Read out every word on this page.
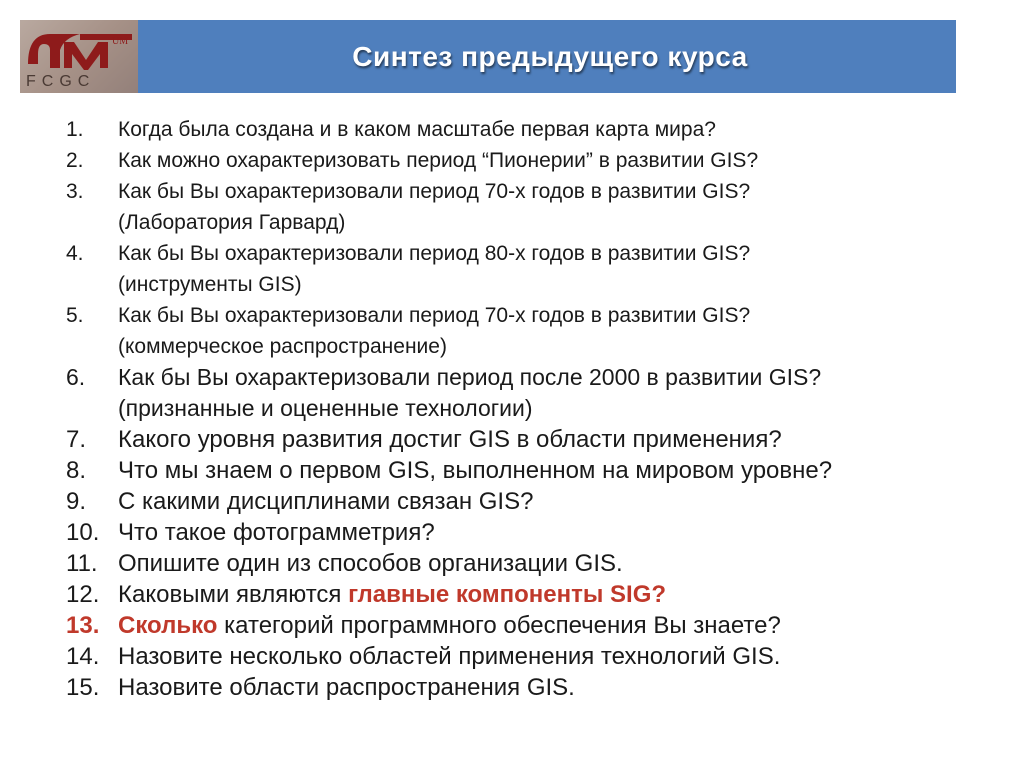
UM
FCGC
Синтез предыдущего курса
1.	Когда была создана и в каком масштабе первая карта мира?
2.	Как можно охарактеризовать период “Пионерии” в развитии GIS?
3.	Как бы Вы охарактеризовали период 70-х годов в развитии GIS?
(Лаборатория Гарвард)
4.	Как бы Вы охарактеризовали период 80-х годов в развитии GIS?
(инструменты GIS)
5.	Как бы Вы охарактеризовали период 70-х годов в развитии GIS?
(коммерческое распространение)
6.	Как бы Вы охарактеризовали период после 2000 в развитии GIS?
(признанные и оцененные технологии)
7.	Какого уровня развития достиг GIS в области применения?
8.	Что мы знаем о первом GIS, выполненном на мировом уровне?
9.	С какими дисциплинами связан GIS?
10. Что такое фотограмметрия?
11. Опишите один из способов организации GIS.
12. Каковыми являются главные компоненты SIG?
13. Сколько категорий программного обеспечения Вы знаете?
14. Назовите несколько областей применения технологий GIS.
15. Назовите области распространения GIS.
